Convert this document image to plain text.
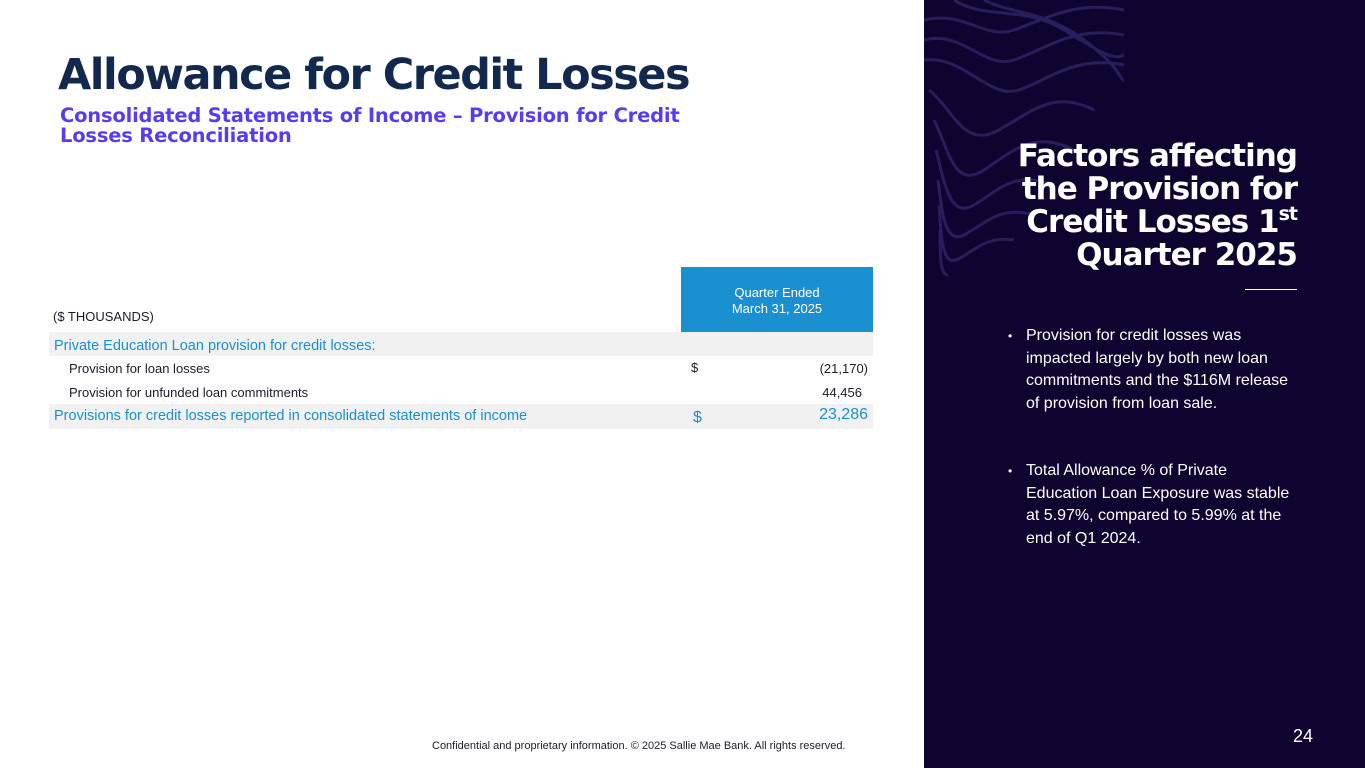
Allowance for Credit Losses
Consolidated Statements of Income – Provision for Credit Losses Reconciliation
($ THOUSANDS)
Quarter Ended
March 31, 2025
Private Education Loan provision for credit losses:
Provision for loan losses	$	(21,170)
Provision for unfunded loan commitments	44,456
Provisions for credit losses reported in consolidated statements of income	$	23,286
Confidential and proprietary information. © 2025 Sallie Mae Bank. All rights reserved.
Factors affecting
the Provision for
Credit Losses 1st
Quarter 2025
• Provision for credit losses was impacted largely by both new loan commitments and the $116M release of provision from loan sale.
• Total Allowance % of Private Education Loan Exposure was stable at 5.97%, compared to 5.99% at the end of Q1 2024.
24
